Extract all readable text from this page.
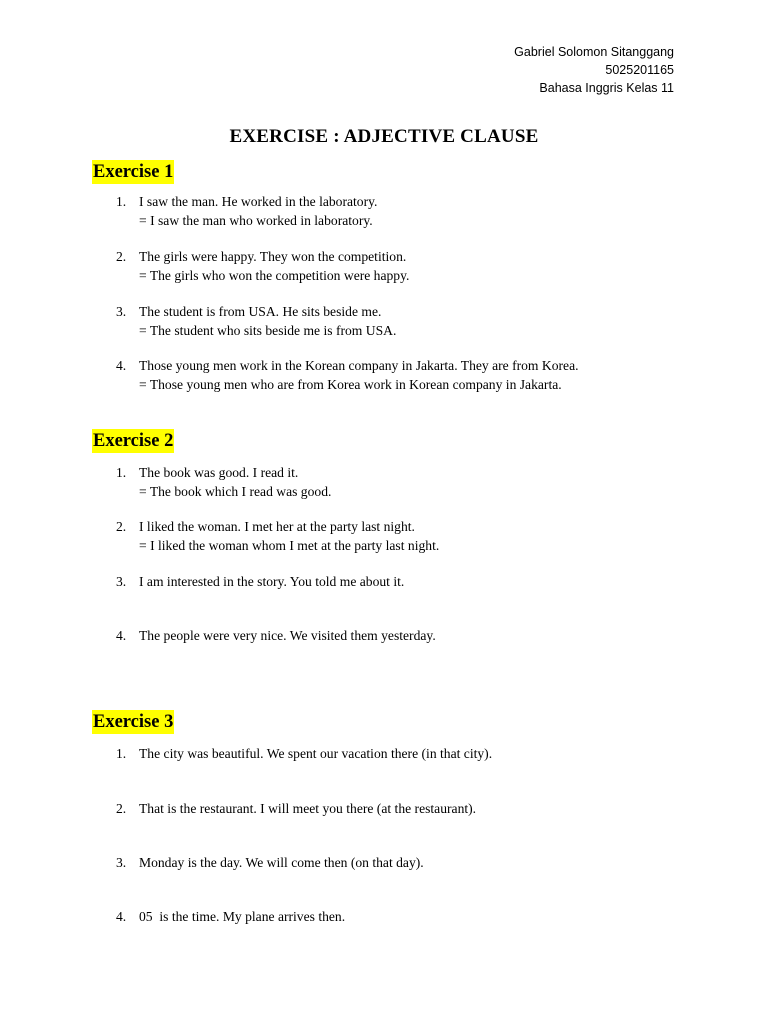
Gabriel Solomon Sitanggang
5025201165
Bahasa Inggris Kelas 11
EXERCISE : ADJECTIVE CLAUSE
Exercise 1
1. I saw the man. He worked in the laboratory.
= I saw the man who worked in laboratory.
2. The girls were happy. They won the competition.
= The girls who won the competition were happy.
3. The student is from USA. He sits beside me.
= The student who sits beside me is from USA.
4. Those young men work in the Korean company in Jakarta. They are from Korea.
= Those young men who are from Korea work in Korean company in Jakarta.
Exercise 2
1. The book was good. I read it.
= The book which I read was good.
2. I liked the woman. I met her at the party last night.
= I liked the woman whom I met at the party last night.
3. I am interested in the story. You told me about it.
4. The people were very nice. We visited them yesterday.
Exercise 3
1. The city was beautiful. We spent our vacation there (in that city).
2. That is the restaurant. I will meet you there (at the restaurant).
3. Monday is the day. We will come then (on that day).
4. 05  is the time. My plane arrives then.
